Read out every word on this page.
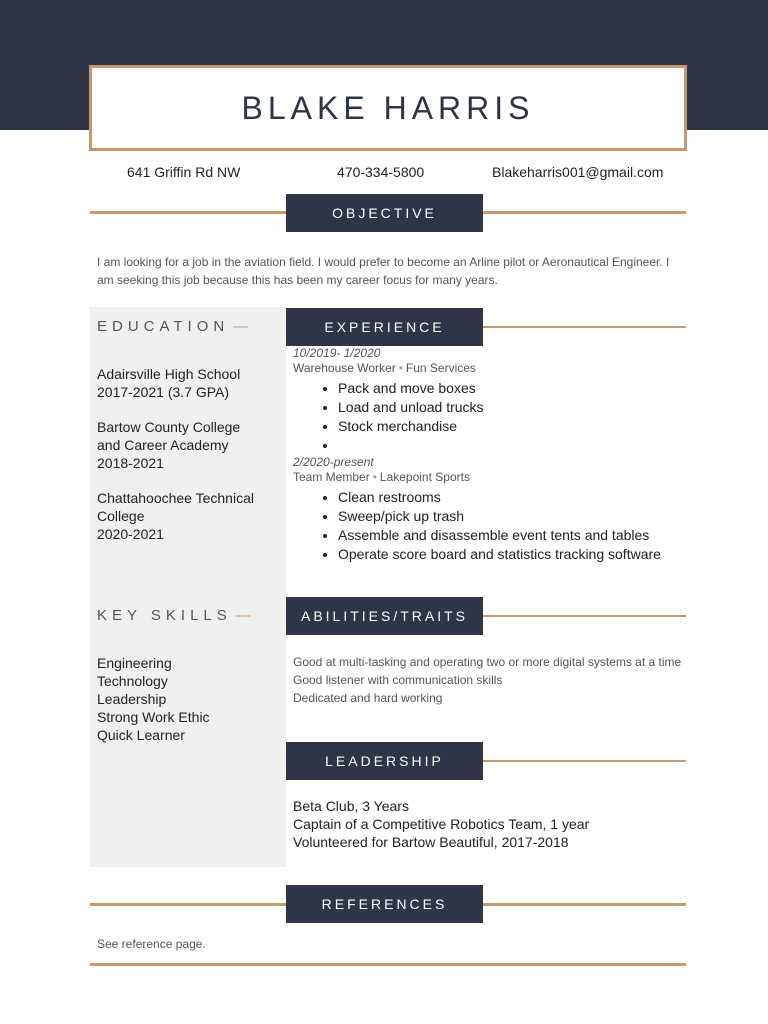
BLAKE HARRIS
641 Griffin Rd NW	470-334-5800	Blakeharris001@gmail.com
OBJECTIVE
I am looking for a job in the aviation field. I would prefer to become an Arline pilot or Aeronautical Engineer. I am seeking this job because this has been my career focus for many years.
EDUCATION —
Adairsville High School
2017-2021 (3.7 GPA)
Bartow County College
and Career Academy
2018-2021
Chattahoochee Technical
College
2020-2021
KEY SKILLS —
Engineering
Technology
Leadership
Strong Work Ethic
Quick Learner
EXPERIENCE
10/2019- 1/2020
Warehouse Worker • Fun Services
• Pack and move boxes
• Load and unload trucks
• Stock merchandise
•
2/2020-present
Team Member • Lakepoint Sports
• Clean restrooms
• Sweep/pick up trash
• Assemble and disassemble event tents and tables
• Operate score board and statistics tracking software
ABILITIES/TRAITS
Good at multi-tasking and operating two or more digital systems at a time
Good listener with communication skills
Dedicated and hard working
LEADERSHIP
Beta Club, 3 Years
Captain of a Competitive Robotics Team, 1 year
Volunteered for Bartow Beautiful, 2017-2018
REFERENCES
See reference page.
